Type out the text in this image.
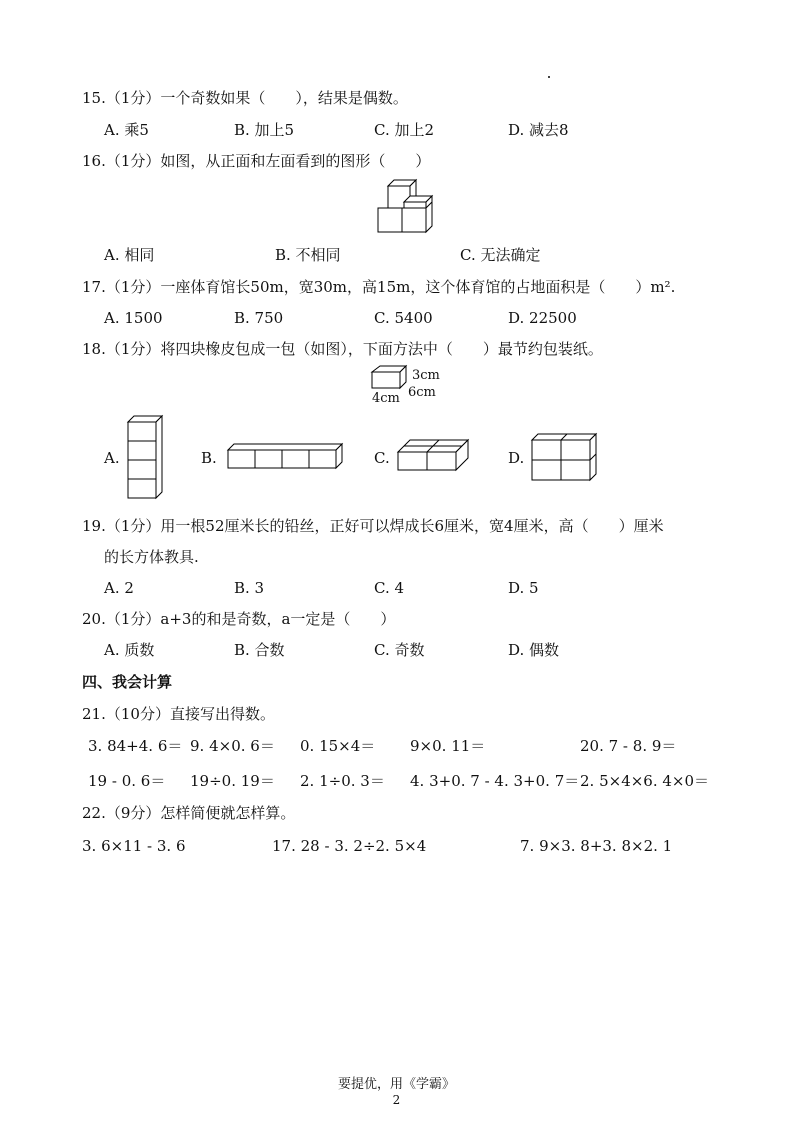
15.（1分）一个奇数如果（　　），结果是偶数。
A. 乘5	B. 加上5	C. 加上2	D. 减去8
16.（1分）如图，从正面和左面看到的图形（　　）
A. 相同	B. 不相同	C. 无法确定
17.（1分）一座体育馆长50m，宽30m，高15m，这个体育馆的占地面积是（　　）m².
A. 1500	B. 750	C. 5400	D. 22500
18.（1分）将四块橡皮包成一包（如图），下面方法中（　　）最节约包装纸。
3cm
6cm
4cm
A.	B.	C.	D.
19.（1分）用一根52厘米长的铅丝，正好可以焊成长6厘米，宽4厘米，高（　　）厘米
的长方体教具.
A. 2	B. 3	C. 4	D. 5
20.（1分）a+3的和是奇数，a一定是（　　）
A. 质数	B. 合数	C. 奇数	D. 偶数
四、我会计算
21.（10分）直接写出得数。
3. 84+4. 6＝ 9. 4×0. 6＝ 0. 15×4＝ 9×0. 11＝	20. 7 - 8. 9＝
19 - 0. 6＝ 19÷0. 19＝ 2. 1÷0. 3＝ 4. 3+0. 7 - 4. 3+0. 7＝ 2. 5×4×6. 4×0＝
22.（9分）怎样简便就怎样算。
3. 6×11 - 3. 6	17. 28 - 3. 2÷2. 5×4	7. 9×3. 8+3. 8×2. 1
要提优，用《学霸》
2
